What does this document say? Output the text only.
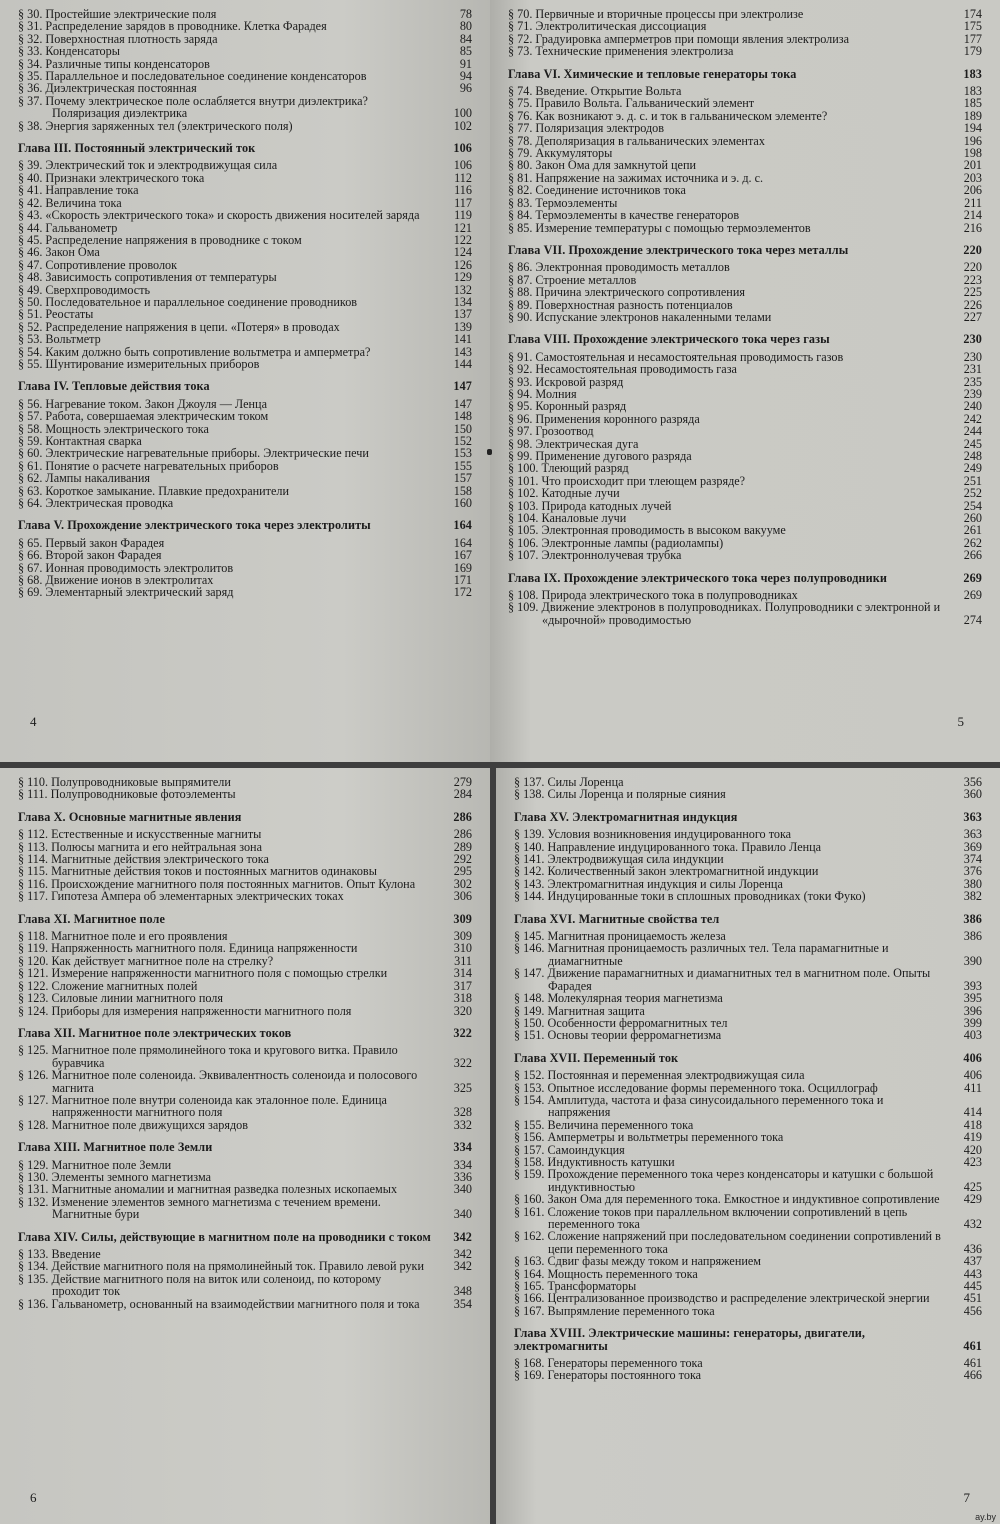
§ 30. Простейшие электрические поля	78
§ 31. Распределение зарядов в проводнике. Клетка Фарадея	80
§ 32. Поверхностная плотность заряда	84
§ 33. Конденсаторы	85
§ 34. Различные типы конденсаторов	91
§ 35. Параллельное и последовательное соединение конденсаторов	94
§ 36. Диэлектрическая постоянная	96
§ 37. Почему электрическое поле ослабляется внутри диэлектрика? Поляризация диэлектрика	100
§ 38. Энергия заряженных тел (электрического поля)	102
Глава III. Постоянный электрический ток	106
§ 39. Электрический ток и электродвижущая сила	106
§ 40. Признаки электрического тока	112
§ 41. Направление тока	116
§ 42. Величина тока	117
§ 43. «Скорость электрического тока» и скорость движения носителей заряда	119
§ 44. Гальванометр	121
§ 45. Распределение напряжения в проводнике с током	122
§ 46. Закон Ома	124
§ 47. Сопротивление проволок	126
§ 48. Зависимость сопротивления от температуры	129
§ 49. Сверхпроводимость	132
§ 50. Последовательное и параллельное соединение проводников	134
§ 51. Реостаты	137
§ 52. Распределение напряжения в цепи. «Потеря» в проводах	139
§ 53. Вольтметр	141
§ 54. Каким должно быть сопротивление вольтметра и амперметра?	143
§ 55. Шунтирование измерительных приборов	144
Глава IV. Тепловые действия тока	147
§ 56. Нагревание током. Закон Джоуля — Ленца	147
§ 57. Работа, совершаемая электрическим током	148
§ 58. Мощность электрического тока	150
§ 59. Контактная сварка	152
§ 60. Электрические нагревательные приборы. Электрические печи	153
§ 61. Понятие о расчете нагревательных приборов	155
§ 62. Лампы накаливания	157
§ 63. Короткое замыкание. Плавкие предохранители	158
§ 64. Электрическая проводка	160
Глава V. Прохождение электрического тока через электролиты	164
§ 65. Первый закон Фарадея	164
§ 66. Второй закон Фарадея	167
§ 67. Ионная проводимость электролитов	169
§ 68. Движение ионов в электролитах	171
§ 69. Элементарный электрический заряд	172
4
§ 70. Первичные и вторичные процессы при электролизе	174
§ 71. Электролитическая диссоциация	175
§ 72. Градуировка амперметров при помощи явления электролиза	177
§ 73. Технические применения электролиза	179
Глава VI. Химические и тепловые генераторы тока	183
§ 74. Введение. Открытие Вольта	183
§ 75. Правило Вольта. Гальванический элемент	185
§ 76. Как возникают э. д. с. и ток в гальваническом элементе?	189
§ 77. Поляризация электродов	194
§ 78. Деполяризация в гальванических элементах	196
§ 79. Аккумуляторы	198
§ 80. Закон Ома для замкнутой цепи	201
§ 81. Напряжение на зажимах источника и э. д. с.	203
§ 82. Соединение источников тока	206
§ 83. Термоэлементы	211
§ 84. Термоэлементы в качестве генераторов	214
§ 85. Измерение температуры с помощью термоэлементов	216
Глава VII. Прохождение электрического тока через металлы	220
§ 86. Электронная проводимость металлов	220
§ 87. Строение металлов	223
§ 88. Причина электрического сопротивления	225
§ 89. Поверхностная разность потенциалов	226
§ 90. Испускание электронов накаленными телами	227
Глава VIII. Прохождение электрического тока через газы	230
§ 91. Самостоятельная и несамостоятельная проводимость газов	230
§ 92. Несамостоятельная проводимость газа	231
§ 93. Искровой разряд	235
§ 94. Молния	239
§ 95. Коронный разряд	240
§ 96. Применения коронного разряда	242
§ 97. Грозоотвод	244
§ 98. Электрическая дуга	245
§ 99. Применение дугового разряда	248
§ 100. Тлеющий разряд	249
§ 101. Что происходит при тлеющем разряде?	251
§ 102. Катодные лучи	252
§ 103. Природа катодных лучей	254
§ 104. Каналовые лучи	260
§ 105. Электронная проводимость в высоком вакууме	261
§ 106. Электронные лампы (радиолампы)	262
§ 107. Электроннолучевая трубка	266
Глава IX. Прохождение электрического тока через полупроводники	269
§ 108. Природа электрического тока в полупроводниках	269
§ 109. Движение электронов в полупроводниках. Полупроводники с электронной и «дырочной» проводимостью	274
5
§ 110. Полупроводниковые выпрямители	279
§ 111. Полупроводниковые фотоэлементы	284
Глава X. Основные магнитные явления	286
§ 112. Естественные и искусственные магниты	286
§ 113. Полюсы магнита и его нейтральная зона	289
§ 114. Магнитные действия электрического тока	292
§ 115. Магнитные действия токов и постоянных магнитов одинаковы	295
§ 116. Происхождение магнитного поля постоянных магнитов. Опыт Кулона	302
§ 117. Гипотеза Ампера об элементарных электрических токах	306
Глава XI. Магнитное поле	309
§ 118. Магнитное поле и его проявления	309
§ 119. Напряженность магнитного поля. Единица напряженности	310
§ 120. Как действует магнитное поле на стрелку?	311
§ 121. Измерение напряженности магнитного поля с помощью стрелки	314
§ 122. Сложение магнитных полей	317
§ 123. Силовые линии магнитного поля	318
§ 124. Приборы для измерения напряженности магнитного поля	320
Глава XII. Магнитное поле электрических токов	322
§ 125. Магнитное поле прямолинейного тока и кругового витка. Правило буравчика	322
§ 126. Магнитное поле соленоида. Эквивалентность соленоида и полосового магнита	325
§ 127. Магнитное поле внутри соленоида как эталонное поле. Единица напряженности магнитного поля	328
§ 128. Магнитное поле движущихся зарядов	332
Глава XIII. Магнитное поле Земли	334
§ 129. Магнитное поле Земли	334
§ 130. Элементы земного магнетизма	336
§ 131. Магнитные аномалии и магнитная разведка полезных ископаемых	340
§ 132. Изменение элементов земного магнетизма с течением времени. Магнитные бури	340
Глава XIV. Силы, действующие в магнитном поле на проводники с током	342
§ 133. Введение	342
§ 134. Действие магнитного поля на прямолинейный ток. Правило левой руки	342
§ 135. Действие магнитного поля на виток или соленоид, по которому проходит ток	348
§ 136. Гальванометр, основанный на взаимодействии магнитного поля и тока	354
6
§ 137. Силы Лоренца	356
§ 138. Силы Лоренца и полярные сияния	360
Глава XV. Электромагнитная индукция	363
§ 139. Условия возникновения индуцированного тока	363
§ 140. Направление индуцированного тока. Правило Ленца	369
§ 141. Электродвижущая сила индукции	374
§ 142. Количественный закон электромагнитной индукции	376
§ 143. Электромагнитная индукция и силы Лоренца	380
§ 144. Индуцированные токи в сплошных проводниках (токи Фуко)	382
Глава XVI. Магнитные свойства тел	386
§ 145. Магнитная проницаемость железа	386
§ 146. Магнитная проницаемость различных тел. Тела парамагнитные и диамагнитные	390
§ 147. Движение парамагнитных и диамагнитных тел в магнитном поле. Опыты Фарадея	393
§ 148. Молекулярная теория магнетизма	395
§ 149. Магнитная защита	396
§ 150. Особенности ферромагнитных тел	399
§ 151. Основы теории ферромагнетизма	403
Глава XVII. Переменный ток	406
§ 152. Постоянная и переменная электродвижущая сила	406
§ 153. Опытное исследование формы переменного тока. Осциллограф	411
§ 154. Амплитуда, частота и фаза синусоидального переменного тока и напряжения	414
§ 155. Величина переменного тока	418
§ 156. Амперметры и вольтметры переменного тока	419
§ 157. Самоиндукция	420
§ 158. Индуктивность катушки	423
§ 159. Прохождение переменного тока через конденсаторы и катушки с большой индуктивностью	425
§ 160. Закон Ома для переменного тока. Емкостное и индуктивное сопротивление	429
§ 161. Сложение токов при параллельном включении сопротивлений в цепь переменного тока	432
§ 162. Сложение напряжений при последовательном соединении сопротивлений в цепи переменного тока	436
§ 163. Сдвиг фазы между током и напряжением	437
§ 164. Мощность переменного тока	443
§ 165. Трансформаторы	445
§ 166. Централизованное производство и распределение электрической энергии	451
§ 167. Выпрямление переменного тока	456
Глава XVIII. Электрические машины: генераторы, двигатели, электромагниты	461
§ 168. Генераторы переменного тока	461
§ 169. Генераторы постоянного тока	466
7
ay.by
